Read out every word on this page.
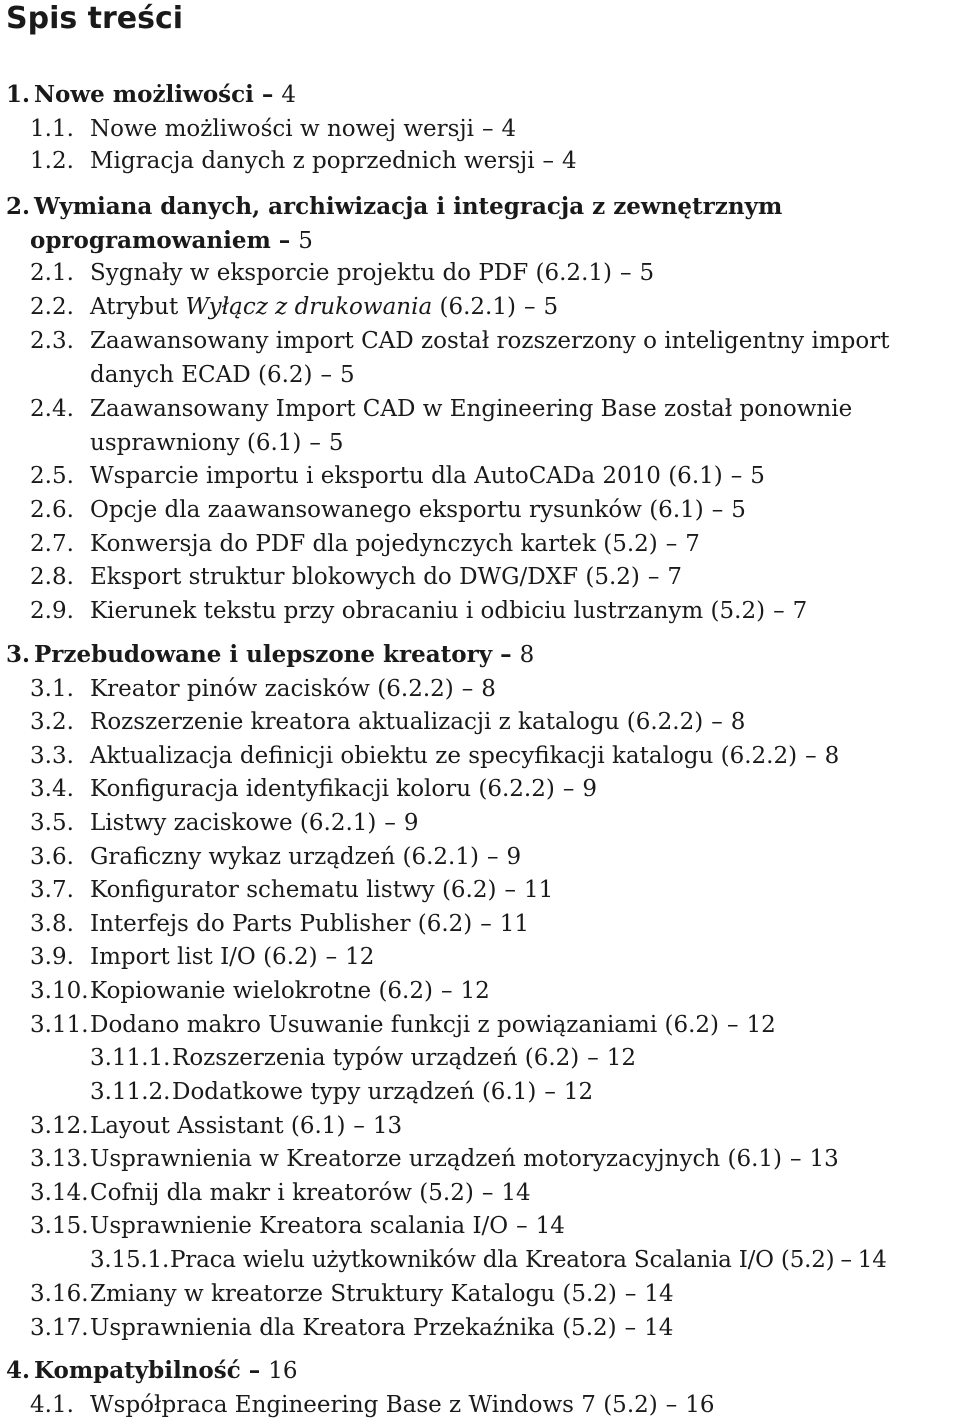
Spis treści
1. Nowe możliwości – 4
1.1. Nowe możliwości w nowej wersji – 4
1.2. Migracja danych z poprzednich wersji – 4
2. Wymiana danych, archiwizacja i integracja z zewnętrznym
oprogramowaniem – 5
2.1. Sygnały w eksporcie projektu do PDF (6.2.1) – 5
2.2. Atrybut Wyłącz z drukowania (6.2.1) – 5
2.3. Zaawansowany import CAD został rozszerzony o inteligentny import
danych ECAD (6.2) – 5
2.4. Zaawansowany Import CAD w Engineering Base został ponownie
usprawniony (6.1) – 5
2.5. Wsparcie importu i eksportu dla AutoCADa 2010 (6.1) – 5
2.6. Opcje dla zaawansowanego eksportu rysunków (6.1) – 5
2.7. Konwersja do PDF dla pojedynczych kartek (5.2) – 7
2.8. Eksport struktur blokowych do DWG/DXF (5.2) – 7
2.9. Kierunek tekstu przy obracaniu i odbiciu lustrzanym (5.2) – 7
3. Przebudowane i ulepszone kreatory – 8
3.1. Kreator pinów zacisków (6.2.2) – 8
3.2. Rozszerzenie kreatora aktualizacji z katalogu (6.2.2) – 8
3.3. Aktualizacja definicji obiektu ze specyfikacji katalogu (6.2.2) – 8
3.4. Konfiguracja identyfikacji koloru (6.2.2) – 9
3.5. Listwy zaciskowe (6.2.1) – 9
3.6. Graficzny wykaz urządzeń (6.2.1) – 9
3.7. Konfigurator schematu listwy (6.2) – 11
3.8. Interfejs do Parts Publisher (6.2) – 11
3.9. Import list I/O (6.2) – 12
3.10.Kopiowanie wielokrotne (6.2) – 12
3.11.Dodano makro Usuwanie funkcji z powiązaniami (6.2) – 12
3.11.1.Rozszerzenia typów urządzeń (6.2) – 12
3.11.2.Dodatkowe typy urządzeń (6.1) – 12
3.12.Layout Assistant (6.1) – 13
3.13.Usprawnienia w Kreatorze urządzeń motoryzacyjnych (6.1) – 13
3.14.Cofnij dla makr i kreatorów (5.2) – 14
3.15.Usprawnienie Kreatora scalania I/O – 14
3.15.1.Praca wielu użytkowników dla Kreatora Scalania I/O (5.2) – 14
3.16.Zmiany w kreatorze Struktury Katalogu (5.2) – 14
3.17.Usprawnienia dla Kreatora Przekaźnika (5.2) – 14
4. Kompatybilność – 16
4.1. Współpraca Engineering Base z Windows 7 (5.2) – 16
